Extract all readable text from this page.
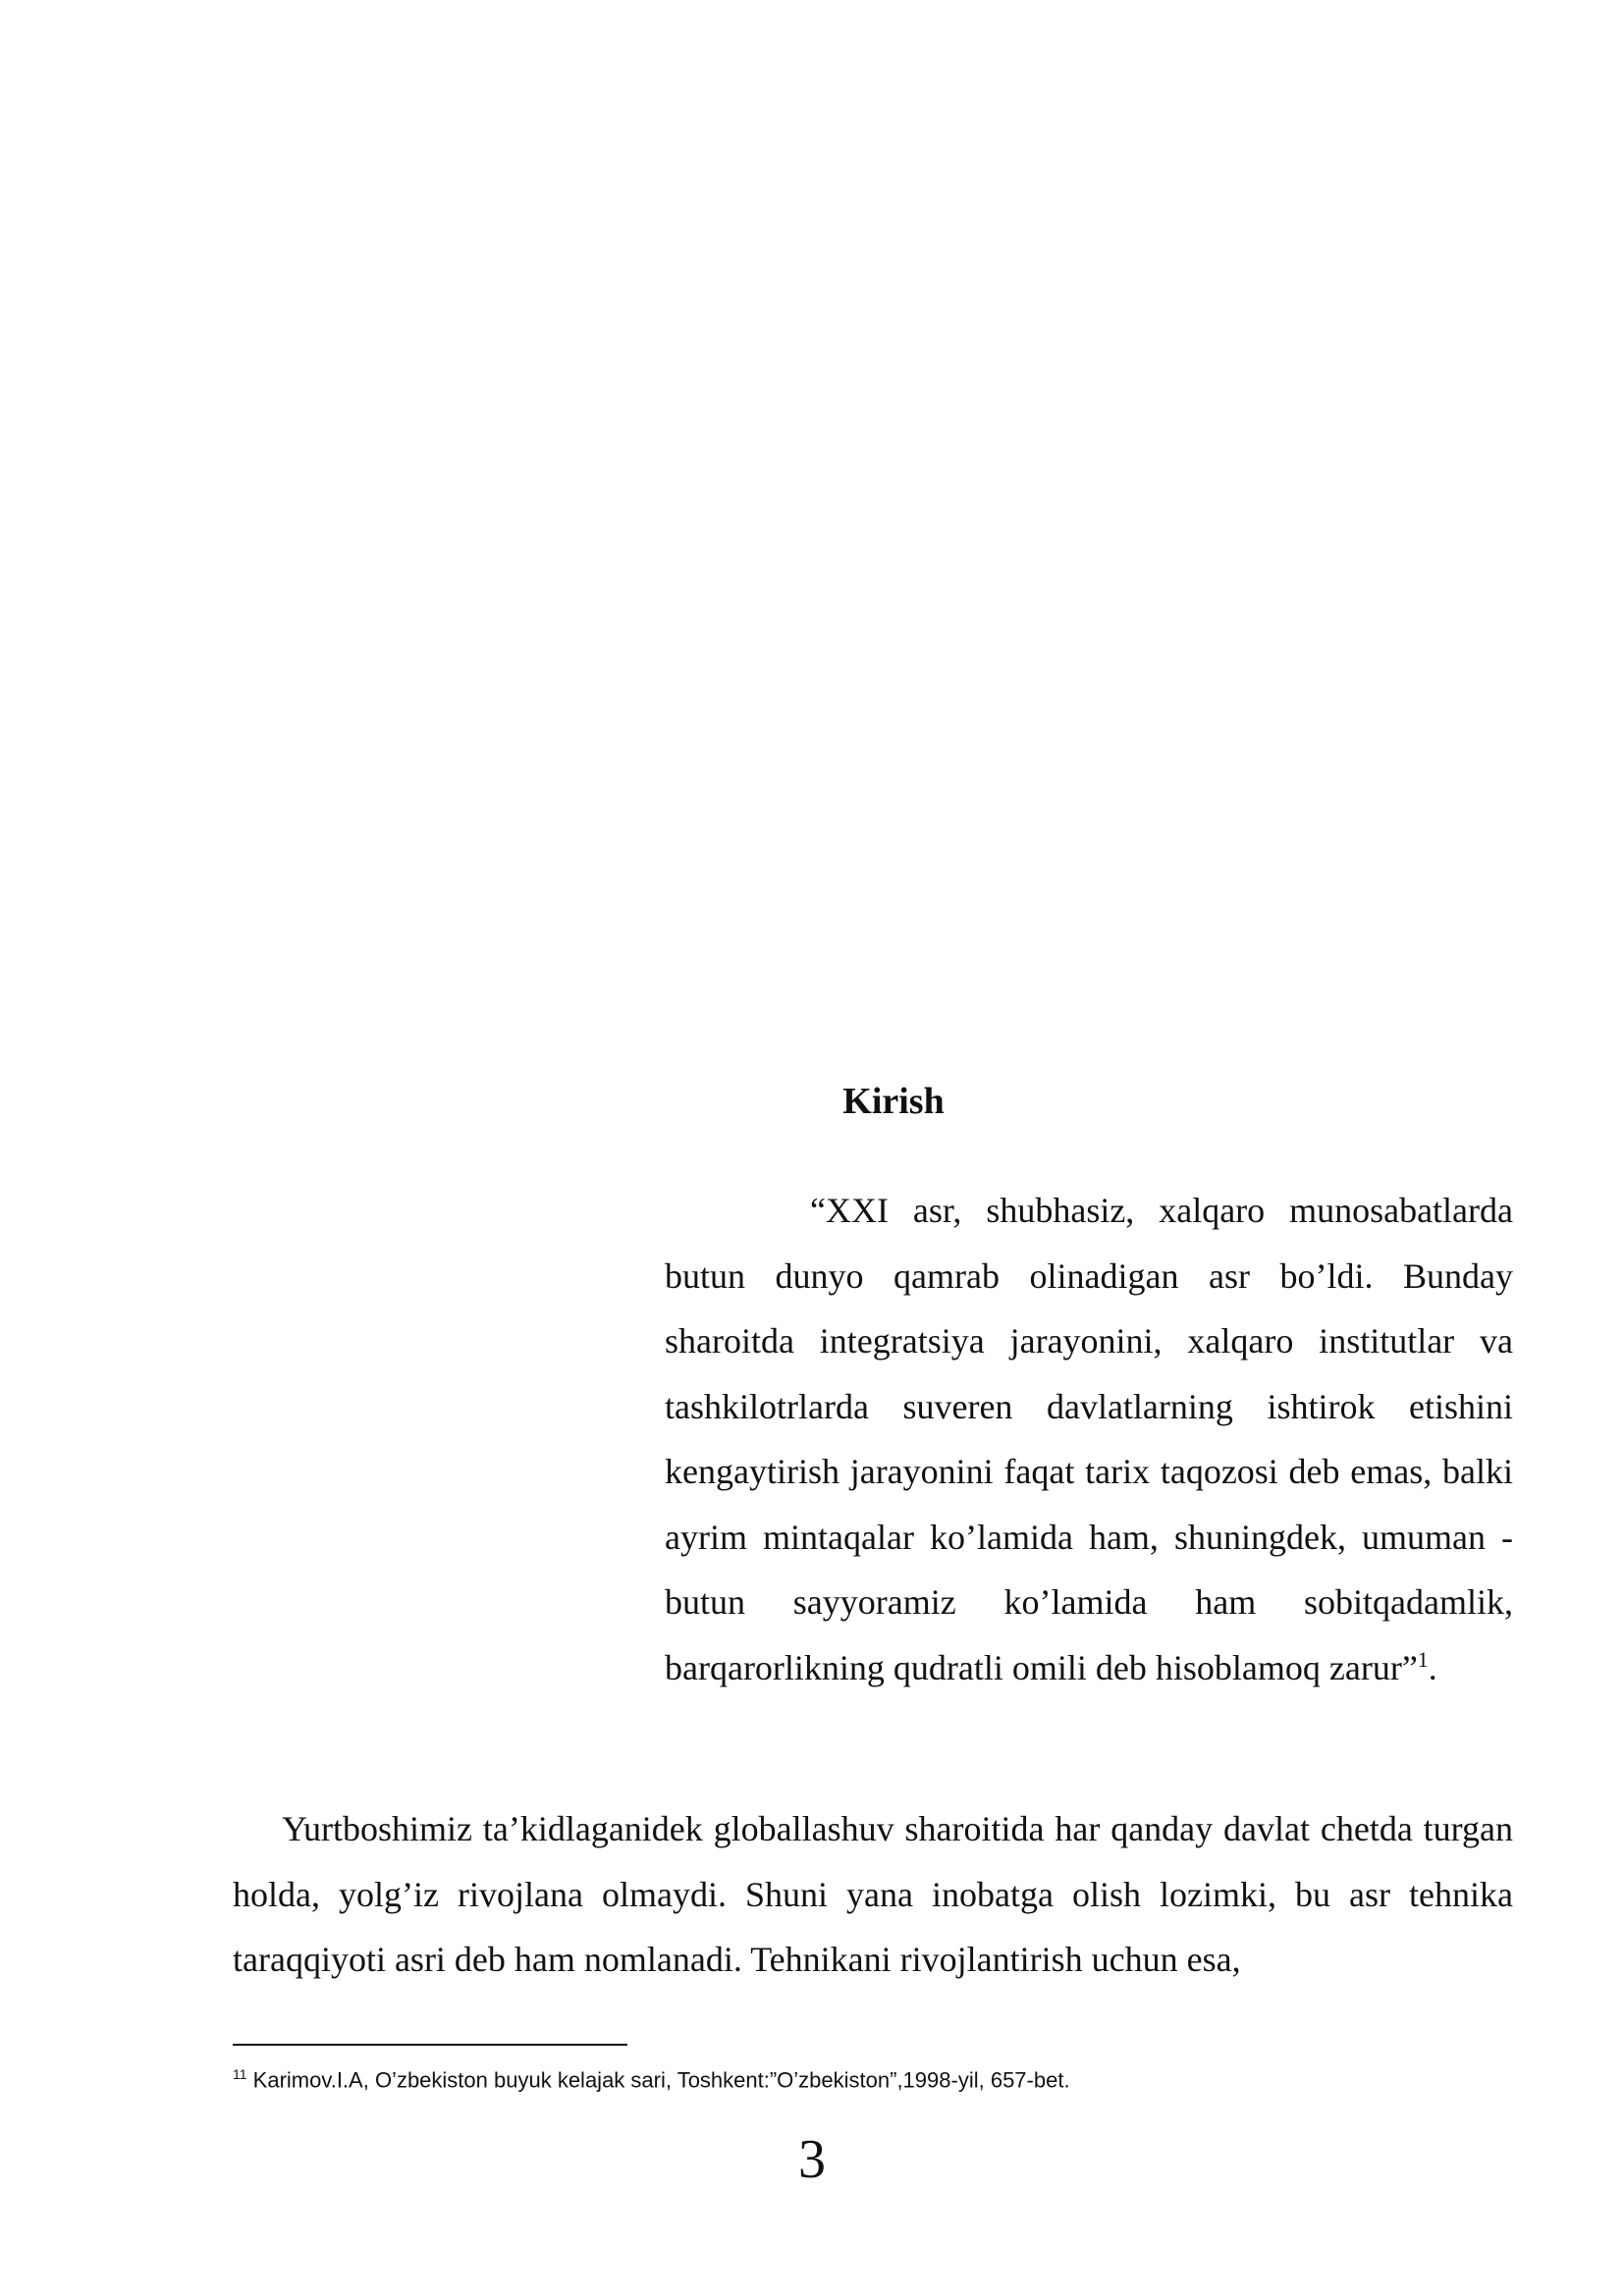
Kirish

“XXI asr, shubhasiz, xalqaro munosabatlarda butun dunyo qamrab olinadigan asr bo’ldi. Bunday sharoitda integratsiya jarayonini, xalqaro institutlar va tashkilotrlarda suveren davlatlarning ishtirok etishini kengaytirish jarayonini faqat tarix taqozosi deb emas, balki ayrim mintaqalar ko’lamida ham, shuningdek, umuman - butun sayyoramiz ko’lamida ham sobitqadamlik, barqarorlikning qudratli omili deb hisoblamoq zarur”$^1$.

Yurtboshimiz ta’kidlaganidek globallashuv sharoitida har qanday davlat chetda turgan holda, yolg’iz rivojlana olmaydi. Shuni yana inobatga olish lozimki, bu asr tehnika taraqqiyoti asri deb ham nomlanadi. Tehnikani rivojlantirish uchun esa,

$^{11}$ Karimov.I.A, O’zbekiston buyuk kelajak sari, Toshkent:”O’zbekiston”,1998-yil, 657-bet.

3
